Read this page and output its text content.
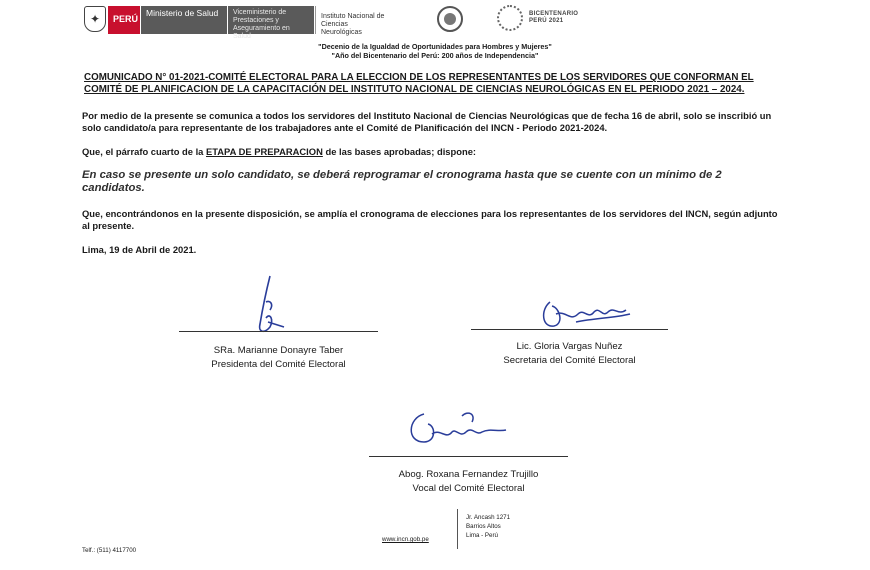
✦	PERÚ
Ministerio de Salud	Viceministerio de Prestaciones y Aseguramiento en Salud
Instituto Nacional de Ciencias Neurológicas
BICENTENARIO
PERÚ 2021
"Decenio de la Igualdad de Oportunidades para Hombres y Mujeres"
"Año del Bicentenario del Perú: 200 años de Independencia"
COMUNICADO N° 01-2021-COMITÉ ELECTORAL PARA LA ELECCION DE LOS REPRESENTANTES DE LOS SERVIDORES QUE CONFORMAN EL COMITÉ DE PLANIFICACION DE LA CAPACITACIÓN DEL INSTITUTO NACIONAL DE CIENCIAS NEUROLÓGICAS EN EL PERIODO 2021 – 2024.
Por medio de la presente se comunica a todos los servidores del Instituto Nacional de Ciencias Neurológicas que de fecha 16 de abril, solo se inscribió un solo candidato/a para representante de los trabajadores ante el Comité de Planificación del INCN - Periodo 2021-2024.
Que, el párrafo cuarto de la ETAPA DE PREPARACION de las bases aprobadas; dispone:
En caso se presente un solo candidato, se deberá reprogramar el cronograma hasta que se cuente con un mínimo de 2 candidatos.
Que, encontrándonos en la presente disposición, se amplía el cronograma de elecciones para los representantes de los servidores del INCN, según adjunto al presente.
Lima, 19 de Abril de 2021.
SRa. Marianne Donayre Taber
Presidenta del Comité Electoral
Lic. Gloria Vargas Nuñez
Secretaria del Comité Electoral
Abog. Roxana Fernandez Trujillo
Vocal del Comité Electoral
Telf.: (511) 4117700
www.incn.gob.pe
Jr. Ancash 1271
Barrios Altos
Lima - Perú
